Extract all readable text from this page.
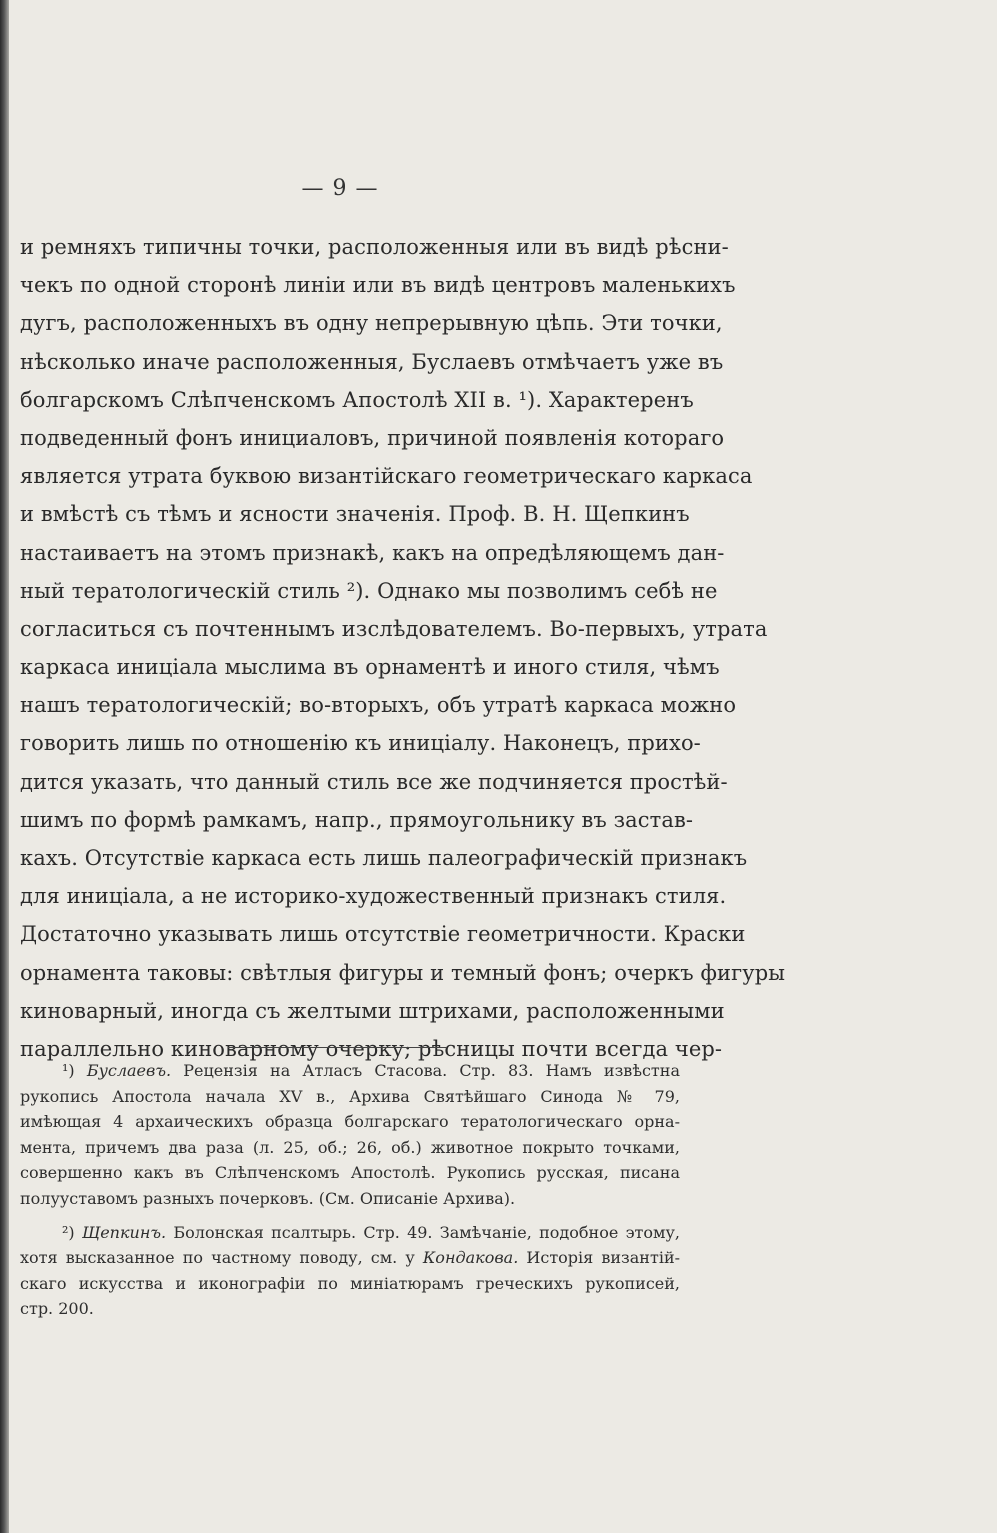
— 9 —
и ремняхъ типичны точки, расположенныя или въ видѣ рѣсни-
чекъ по одной сторонѣ линіи или въ видѣ центровъ маленькихъ
дугъ, расположенныхъ въ одну непрерывную цѣпь. Эти точки,
нѣсколько иначе расположенныя, Буслаевъ отмѣчаетъ уже въ
болгарскомъ Слѣпченскомъ Апостолѣ XII в. ¹). Характеренъ
подведенный фонъ инициаловъ, причиной появленія котораго
является утрата буквою византійскаго геометрическаго каркаса
и вмѣстѣ съ тѣмъ и ясности значенія. Проф. В. Н. Щепкинъ
настаиваетъ на этомъ признакѣ, какъ на опредѣляющемъ дан-
ный тератологическій стиль ²). Однако мы позволимъ себѣ не
согласиться съ почтеннымъ изслѣдователемъ. Во-первыхъ, утрата
каркаса иниціала мыслима въ орнаментѣ и иного стиля, чѣмъ
нашъ тератологическій; во-вторыхъ, объ утратѣ каркаса можно
говорить лишь по отношенію къ иниціалу. Наконецъ, прихо-
дится указать, что данный стиль все же подчиняется простѣй-
шимъ по формѣ рамкамъ, напр., прямоугольнику въ застав-
кахъ. Отсутствіе каркаса есть лишь палеографическій признакъ
для иниціала, а не историко-художественный признакъ стиля.
Достаточно указывать лишь отсутствіе геометричности. Краски
орнамента таковы: свѣтлыя фигуры и темный фонъ; очеркъ фигуры
киноварный, иногда съ желтыми штрихами, расположенными
параллельно киноварному очерку; рѣсницы почти всегда чер-
¹) Буслаевъ. Рецензія на Атласъ Стасова. Стр. 83. Намъ извѣстна
рукопись Апостола начала XV в., Архива Святѣйшаго Синода № 79,
имѣющая 4 архаическихъ образца болгарскаго тератологическаго орна-
мента, причемъ два раза (л. 25, об.; 26, об.) животное покрыто точками,
совершенно какъ въ Слѣпченскомъ Апостолѣ. Рукопись русская, писана
полууставомъ разныхъ почерковъ. (См. Описаніе Архива).
²) Щепкинъ. Болонская псалтырь. Стр. 49. Замѣчаніе, подобное этому,
хотя высказанное по частному поводу, см. у Кондакова. Исторія византій-
скаго искусства и иконографіи по миніатюрамъ греческихъ рукописей,
стр. 200.
